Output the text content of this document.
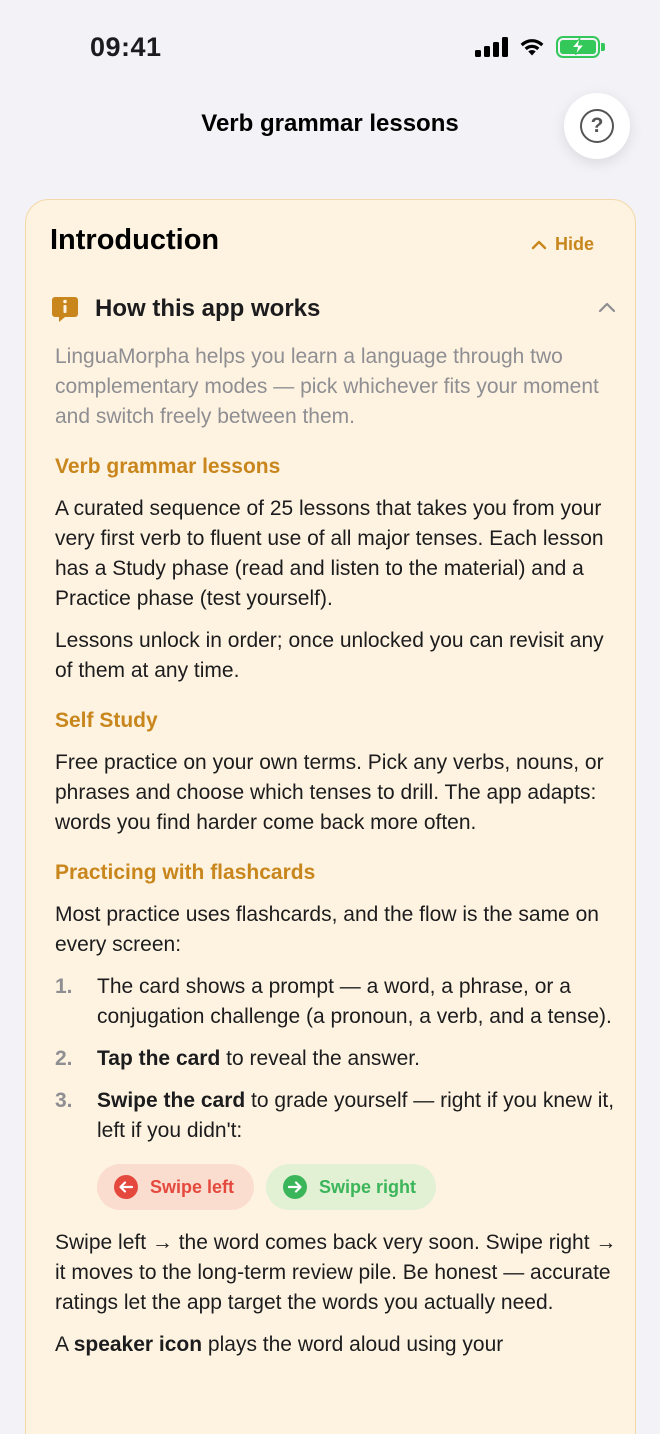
09:41
Verb grammar lessons	?
Introduction	Hide
How this app works

LinguaMorpha helps you learn a language through two complementary modes — pick whichever fits your moment and switch freely between them.

Verb grammar lessons

A curated sequence of 25 lessons that takes you from your very first verb to fluent use of all major tenses. Each lesson has a Study phase (read and listen to the material) and a Practice phase (test yourself).

Lessons unlock in order; once unlocked you can revisit any of them at any time.

Self Study

Free practice on your own terms. Pick any verbs, nouns, or phrases and choose which tenses to drill. The app adapts: words you find harder come back more often.

Practicing with flashcards

Most practice uses flashcards, and the flow is the same on every screen:

1.	The card shows a prompt — a word, a phrase, or a conjugation challenge (a pronoun, a verb, and a tense).
2.	Tap the card to reveal the answer.
3.	Swipe the card to grade yourself — right if you knew it, left if you didn't:
Swipe left	Swipe right

Swipe left → the word comes back very soon. Swipe right → it moves to the long-term review pile. Be honest — accurate ratings let the app target the words you actually need.

A speaker icon plays the word aloud using your
